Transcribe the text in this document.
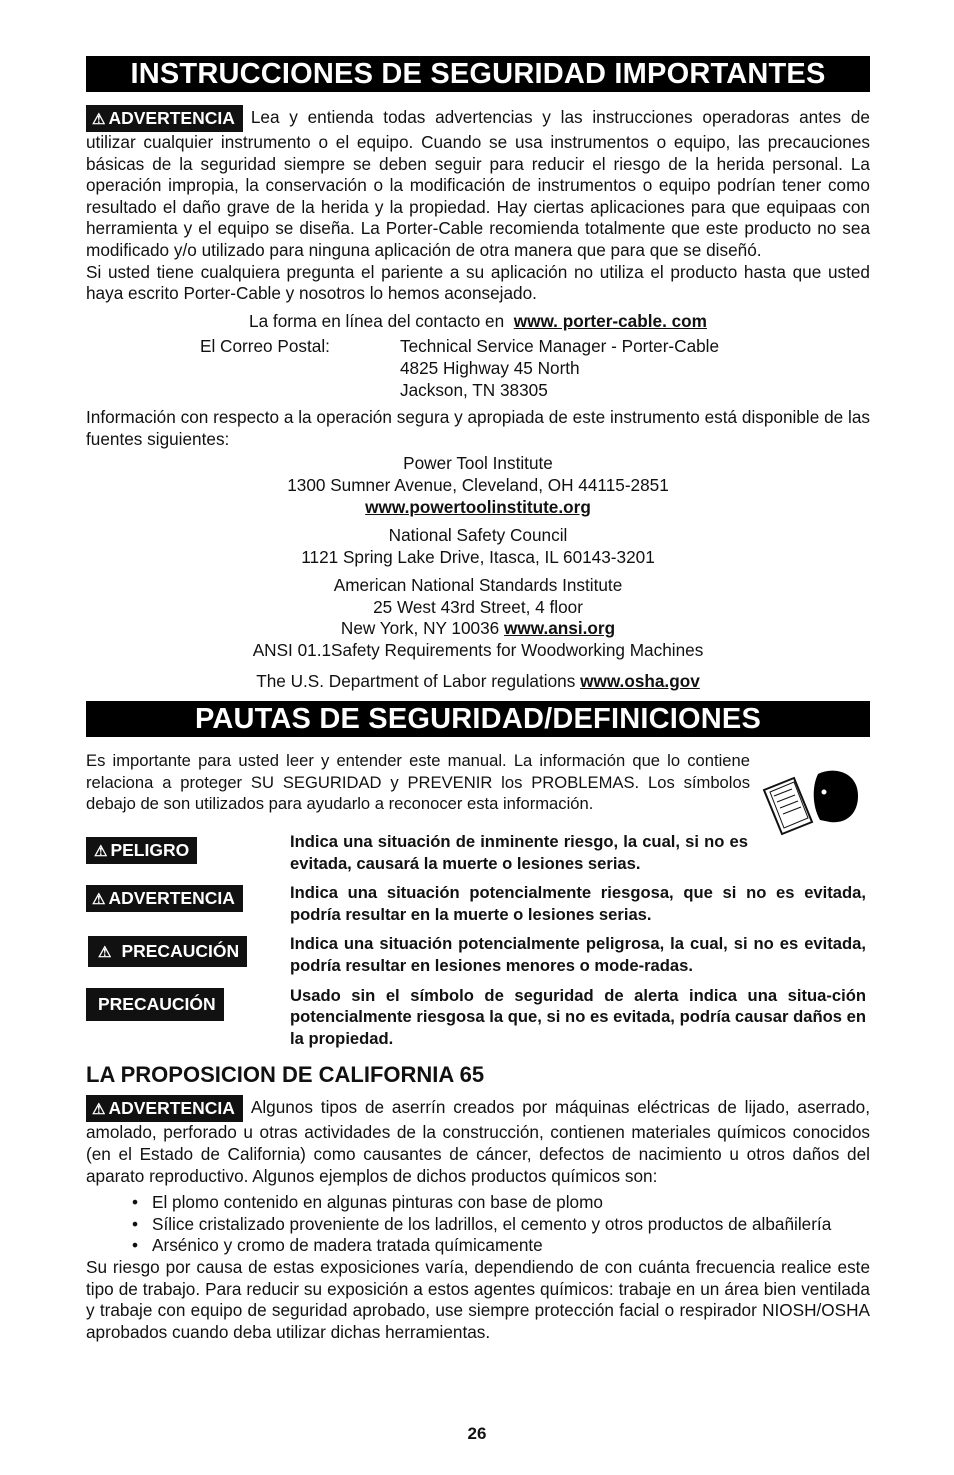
INSTRUCCIONES DE SEGURIDAD IMPORTANTES

⚠ ADVERTENCIA Lea y entienda todas advertencias y las instrucciones operadoras antes de utilizar cualquier instrumento o el equipo. Cuando se usa instrumentos o equipo, las precauciones básicas de la seguridad siempre se deben seguir para reducir el riesgo de la herida personal. La operación impropia, la conservación o la modificación de instrumentos o equipo podrían tener como resultado el daño grave de la herida y la propiedad. Hay ciertas aplicaciones para que equipaas con herramienta y el equipo se diseña. La Porter-Cable recomienda totalmente que este producto no sea modificado y/o utilizado para ninguna aplicación de otra manera que para que se diseñó.

Si usted tiene cualquiera pregunta el pariente a su aplicación no utiliza el producto hasta que usted haya escrito Porter-Cable y nosotros lo hemos aconsejado.

La forma en línea del contacto en www. porter-cable. com
El Correo Postal:	Technical Service Manager - Porter-Cable
4825 Highway 45 North
Jackson, TN 38305

Información con respecto a la operación segura y apropiada de este instrumento está disponible de las fuentes siguientes:

Power Tool Institute
1300 Sumner Avenue, Cleveland, OH 44115-2851
www.powertoolinstitute.org
National Safety Council
1121 Spring Lake Drive, Itasca, IL 60143-3201
American National Standards Institute
25 West 43rd Street, 4 floor
New York, NY 10036 www.ansi.org
ANSI 01.1Safety Requirements for Woodworking Machines
The U.S. Department of Labor regulations www.osha.gov
PAUTAS DE SEGURIDAD/DEFINICIONES

Es importante para usted leer y entender este manual. La información que lo contiene relaciona a proteger SU SEGURIDAD y PREVENIR los PROBLEMAS. Los símbolos debajo de son utilizados para ayudarlo a reconocer esta información.

⚠ PELIGRO	Indica una situación de inminente riesgo, la cual, si no es evitada, causará la muerte o lesiones serias.
⚠ ADVERTENCIA	Indica una situación potencialmente riesgosa, que si no es evitada, podría resultar en la muerte o lesiones serias.
⚠ PRECAUCIÓN	Indica una situación potencialmente peligrosa, la cual, si no es evitada, podría resultar en lesiones menores o mode-radas.
PRECAUCIÓN	Usado sin el símbolo de seguridad de alerta indica una situa-ción potencialmente riesgosa la que, si no es evitada, podría causar daños en la propiedad.
LA PROPOSICION DE CALIFORNIA 65

⚠ ADVERTENCIA Algunos tipos de aserrín creados por máquinas eléctricas de lijado, aserrado, amolado, perforado u otras actividades de la construcción, contienen materiales químicos conocidos (en el Estado de California) como causantes de cáncer, defectos de nacimiento u otros daños del aparato reproductivo. Algunos ejemplos de dichos productos químicos son:

• El plomo contenido en algunas pinturas con base de plomo
• Sílice cristalizado proveniente de los ladrillos, el cemento y otros productos de albañilería
• Arsénico y cromo de madera tratada químicamente

Su riesgo por causa de estas exposiciones varía, dependiendo de con cuánta frecuencia realice este tipo de trabajo. Para reducir su exposición a estos agentes químicos: trabaje en un área bien ventilada y trabaje con equipo de seguridad aprobado, use siempre protección facial o respirador NIOSH/OSHA aprobados cuando deba utilizar dichas herramientas.

26
